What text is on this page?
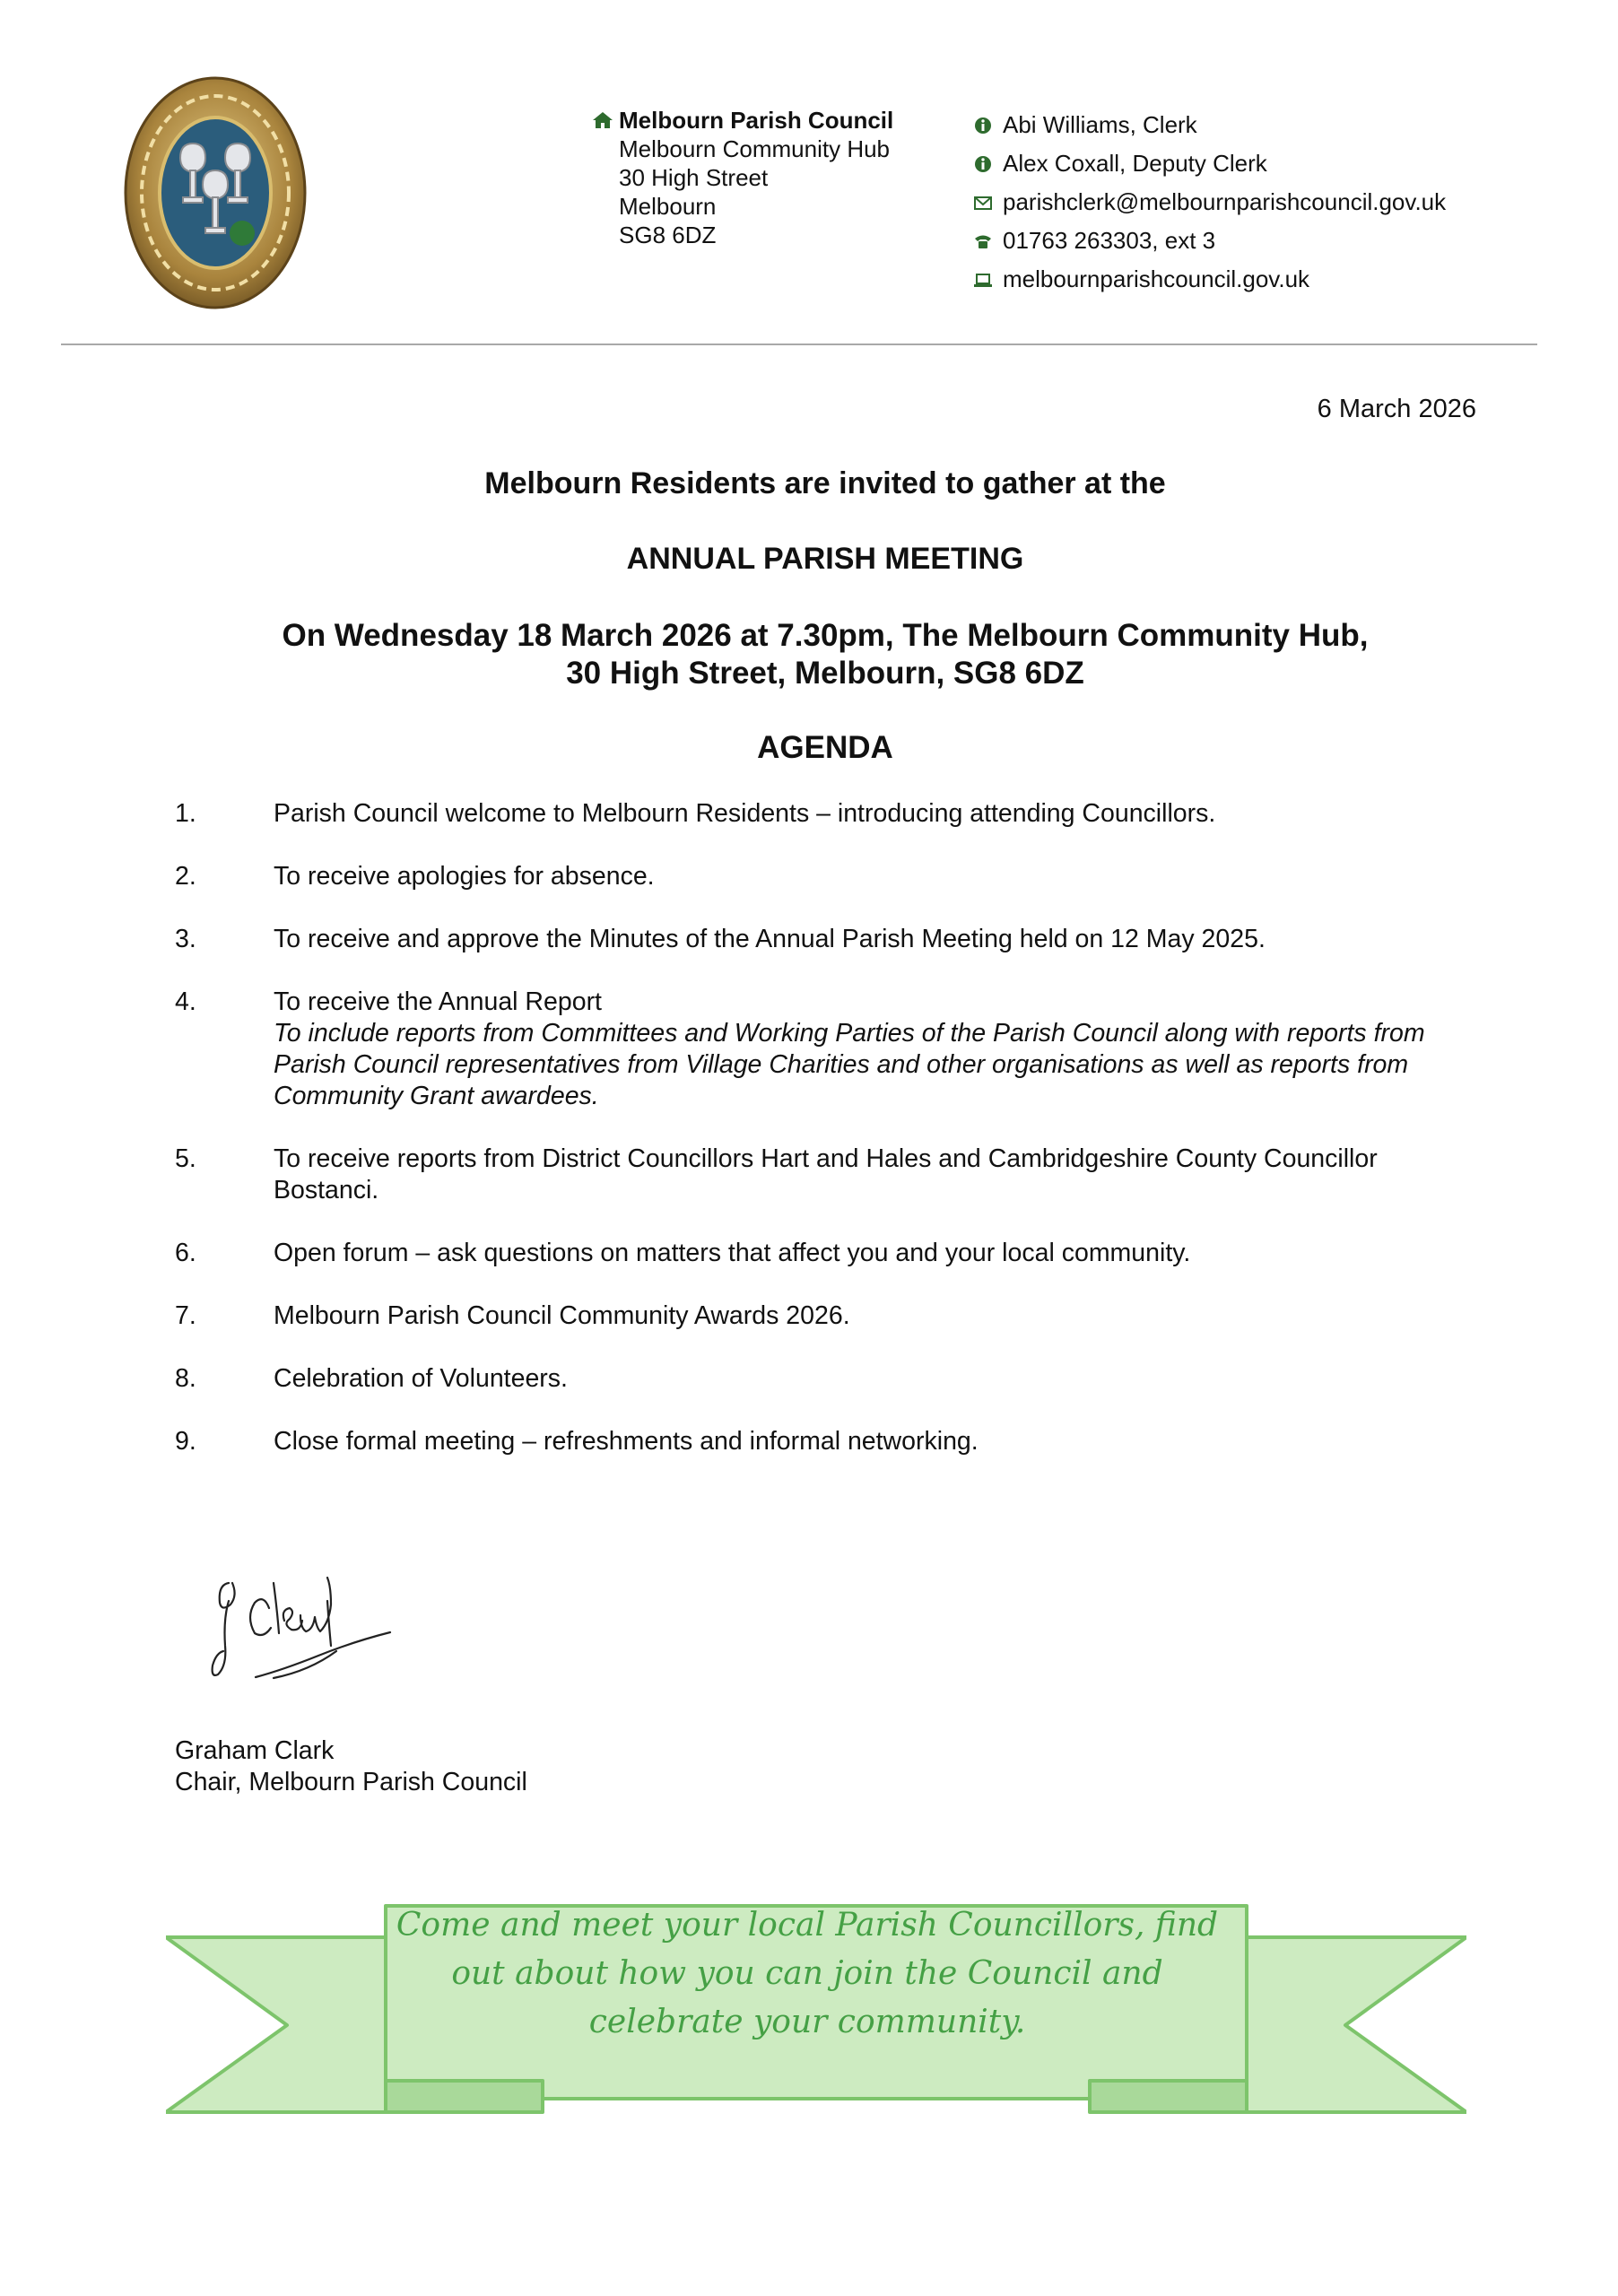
Melbourn Parish Council
Melbourn Community Hub
30 High Street
Melbourn
SG8 6DZ
Abi Williams, Clerk
Alex Coxall, Deputy Clerk
parishclerk@melbournparishcouncil.gov.uk
01763 263303, ext 3
melbournparishcouncil.gov.uk
6 March 2026
Melbourn Residents are invited to gather at the
ANNUAL PARISH MEETING
On Wednesday 18 March 2026 at 7.30pm, The Melbourn Community Hub,
30 High Street, Melbourn, SG8 6DZ
AGENDA
1.	Parish Council welcome to Melbourn Residents – introducing attending Councillors.
2.	To receive apologies for absence.
3.	To receive and approve the Minutes of the Annual Parish Meeting held on 12 May 2025.
4.	To receive the Annual Report
To include reports from Committees and Working Parties of the Parish Council along with reports from Parish Council representatives from Village Charities and other organisations as well as reports from Community Grant awardees.
5.	To receive reports from District Councillors Hart and Hales and Cambridgeshire County Councillor Bostanci.
6.	Open forum – ask questions on matters that affect you and your local community.
7.	Melbourn Parish Council Community Awards 2026.
8.	Celebration of Volunteers.
9.	Close formal meeting – refreshments and informal networking.
Graham Clark
Chair, Melbourn Parish Council
Come and meet your local Parish Councillors, find
out about how you can join the Council and
celebrate your community.
